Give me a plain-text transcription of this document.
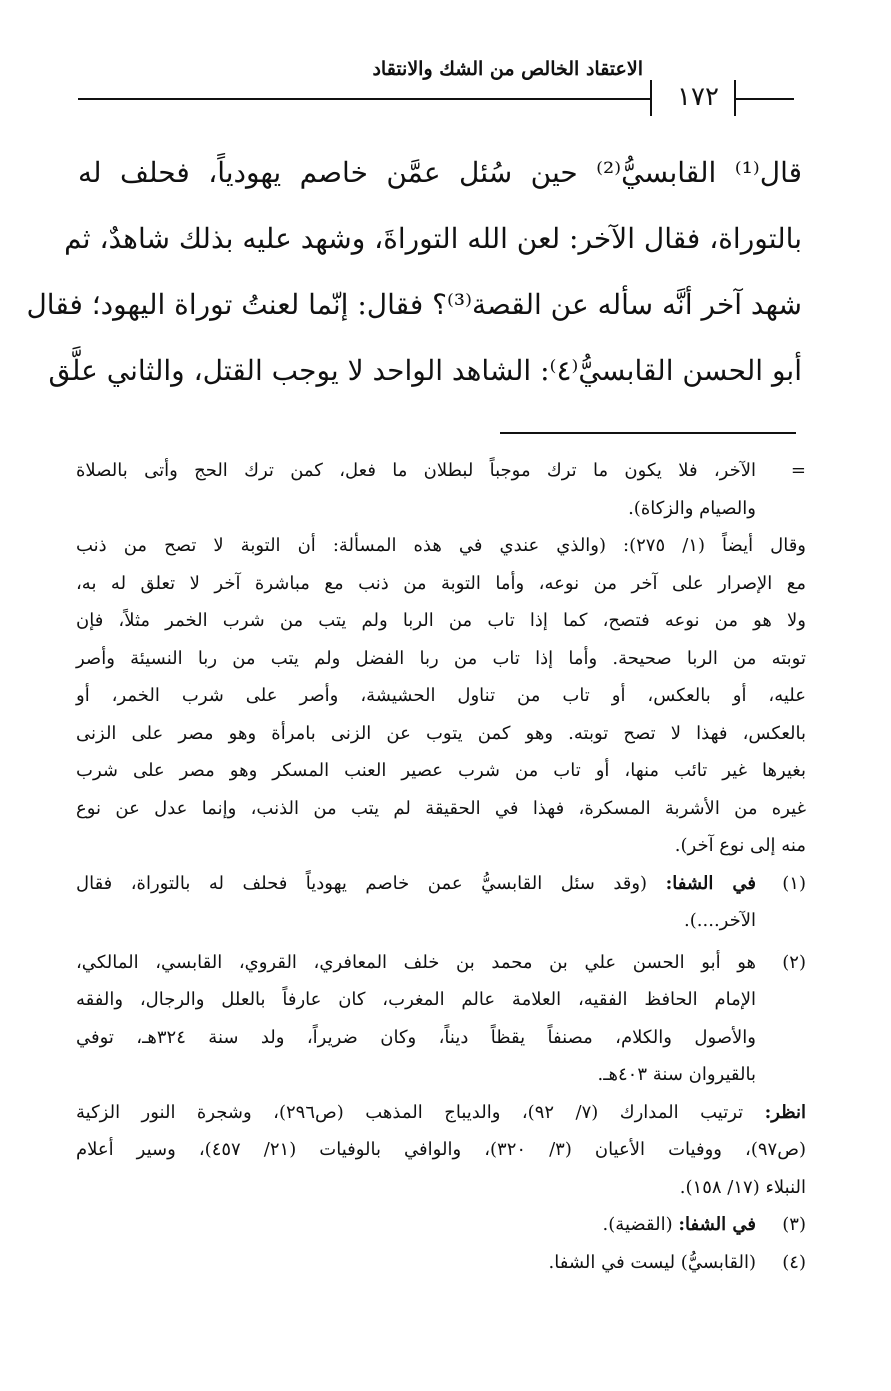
الاعتقاد الخالص من الشك والانتقاد
١٧٢
قال⁽¹⁾ القابسيُّ⁽²⁾ حين سُئل عمَّن خاصم يهودياً، فحلف له
بالتوراة، فقال الآخر: لعن الله التوراةَ، وشهد عليه بذلك شاهدٌ، ثم
شهد آخر أنَّه سأله عن القصة⁽³⁾؟ فقال: إنّما لعنتُ توراة اليهود؛ فقال
أبو الحسن القابسيُّ⁽٤⁾: الشاهد الواحد لا يوجب القتل، والثاني علَّق
=
الآخر، فلا يكون ما ترك موجباً لبطلان ما فعل، كمن ترك الحج وأتى بالصلاة
والصيام والزكاة).
وقال أيضاً (١/ ٢٧٥): (والذي عندي في هذه المسألة: أن التوبة لا تصح من ذنب
مع الإصرار على آخر من نوعه، وأما التوبة من ذنب مع مباشرة آخر لا تعلق له به،
ولا هو من نوعه فتصح، كما إذا تاب من الربا ولم يتب من شرب الخمر مثلاً، فإن
توبته من الربا صحيحة. وأما إذا تاب من ربا الفضل ولم يتب من ربا النسيئة وأصر
عليه، أو بالعكس، أو تاب من تناول الحشيشة، وأصر على شرب الخمر، أو
بالعكس، فهذا لا تصح توبته. وهو كمن يتوب عن الزنى بامرأة وهو مصر على الزنى
بغيرها غير تائب منها، أو تاب من شرب عصير العنب المسكر وهو مصر على شرب
غيره من الأشربة المسكرة، فهذا في الحقيقة لم يتب من الذنب، وإنما عدل عن نوع
منه إلى نوع آخر).
(١)
في الشفا: (وقد سئل القابسيُّ عمن خاصم يهودياً فحلف له بالتوراة، فقال
الآخر....).
(٢)
هو أبو الحسن علي بن محمد بن خلف المعافري، القروي، القابسي، المالكي،
الإمام الحافظ الفقيه، العلامة عالم المغرب، كان عارفاً بالعلل والرجال، والفقه
والأصول والكلام، مصنفاً يقظاً ديناً، وكان ضريراً، ولد سنة ٣٢٤هـ، توفي
بالقيروان سنة ٤٠٣هـ.
انظر: ترتيب المدارك (٧/ ٩٢)، والديباج المذهب (ص٢٩٦)، وشجرة النور الزكية
(ص٩٧)، ووفيات الأعيان (٣/ ٣٢٠)، والوافي بالوفيات (٢١/ ٤٥٧)، وسير أعلام
النبلاء (١٧/ ١٥٨).
(٣)
في الشفا: (القضية).
(٤)
(القابسيُّ) ليست في الشفا.
